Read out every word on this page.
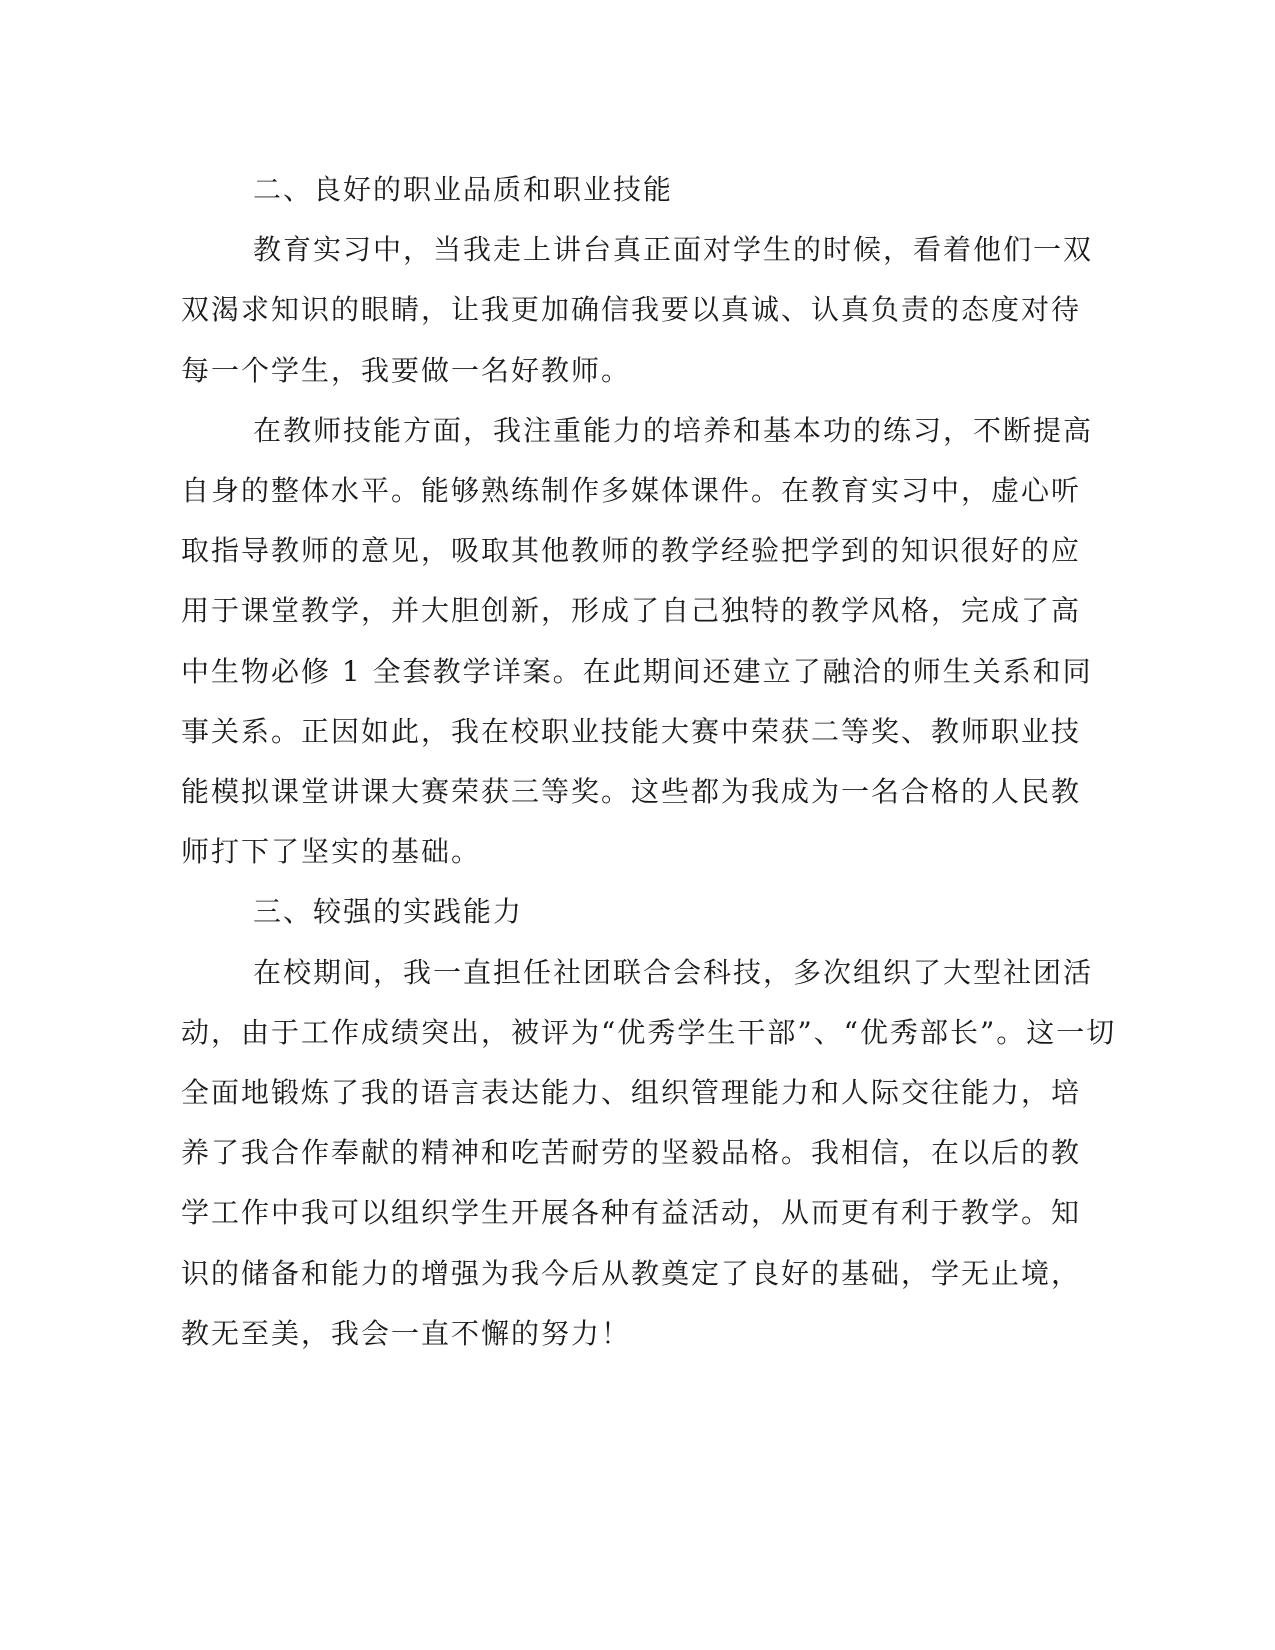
二、良好的职业品质和职业技能

教育实习中，当我走上讲台真正面对学生的时候，看着他们一双
双渴求知识的眼睛，让我更加确信我要以真诚、认真负责的态度对待
每一个学生，我要做一名好教师。

在教师技能方面，我注重能力的培养和基本功的练习，不断提高
自身的整体水平。能够熟练制作多媒体课件。在教育实习中，虚心听
取指导教师的意见，吸取其他教师的教学经验把学到的知识很好的应
用于课堂教学，并大胆创新，形成了自己独特的教学风格，完成了高
中生物必修 1 全套教学详案。在此期间还建立了融洽的师生关系和同
事关系。正因如此，我在校职业技能大赛中荣获二等奖、教师职业技
能模拟课堂讲课大赛荣获三等奖。这些都为我成为一名合格的人民教
师打下了坚实的基础。

三、较强的实践能力

在校期间，我一直担任社团联合会科技，多次组织了大型社团活
动，由于工作成绩突出，被评为“优秀学生干部”、“优秀部长”。这一切
全面地锻炼了我的语言表达能力、组织管理能力和人际交往能力，培
养了我合作奉献的精神和吃苦耐劳的坚毅品格。我相信，在以后的教
学工作中我可以组织学生开展各种有益活动，从而更有利于教学。知
识的储备和能力的增强为我今后从教奠定了良好的基础，学无止境，
教无至美，我会一直不懈的努力！
